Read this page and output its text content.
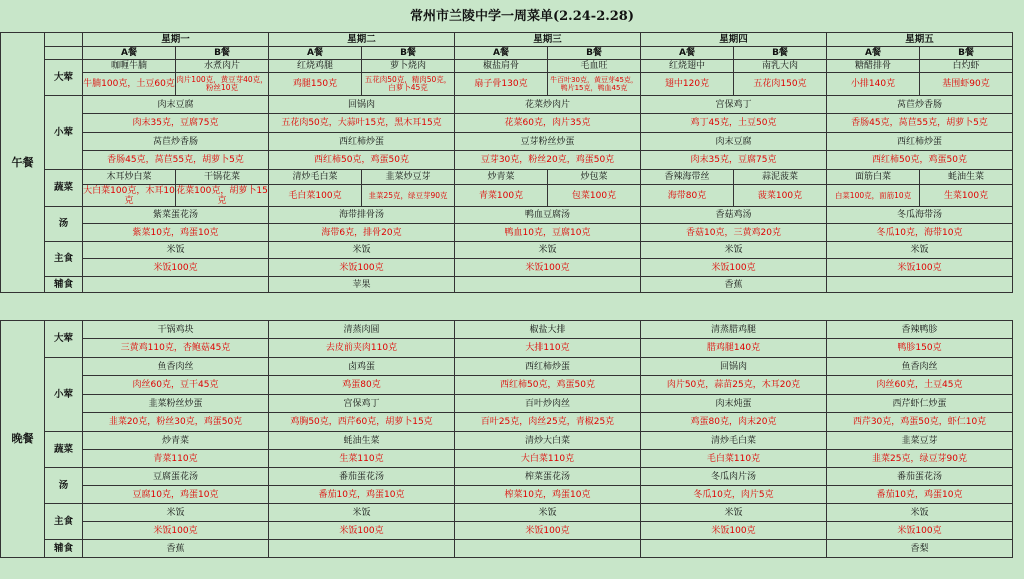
常州市兰陵中学一周菜单(2.24-2.28)
午餐		星期一		星期二		星期三		星期四		星期五	
		A餐	B餐	A餐	B餐	A餐	B餐	A餐	B餐	A餐	B餐
	大荤	咖喱牛腩	水煮肉片	红烧鸡腿	萝卜烧肉	椒盐肩骨	毛血旺	红烧翅中	南乳大肉	糖醋排骨	白灼虾
		牛腩100克，土豆60克	肉片100克，黄豆芽40克，粉丝10克	鸡腿150克	五花肉50克，精肉50克，白萝卜45克	扇子骨130克	牛百叶30克，黄豆芽45克，鸭片15克，鸭血45克	翅中120克	五花肉150克	小排140克	基围虾90克
	小荤	肉末豆腐		回锅肉		花菜炒肉片		宫保鸡丁		莴苣炒香肠	
		肉末35克，豆腐75克		五花肉50克，大蒜叶15克，黑木耳15克		花菜60克，肉片35克		鸡丁45克，土豆50克		香肠45克，莴苣55克，胡萝卜5克	
		莴苣炒香肠		西红柿炒蛋		豆芽粉丝炒蛋		肉末豆腐		西红柿炒蛋	
		香肠45克，莴苣55克，胡萝卜5克		西红柿50克，鸡蛋50克		豆芽30克，粉丝20克，鸡蛋50克		肉末35克，豆腐75克		西红柿50克，鸡蛋50克	
	蔬菜	木耳炒白菜	干锅花菜	清炒毛白菜	韭菜炒豆芽	炒青菜	炒包菜	香辣海带丝	蒜泥菠菜	面筋白菜	蚝油生菜
		大白菜100克，木耳10克	花菜100克，胡萝卜15克	毛白菜100克	韭菜25克，绿豆芽90克	青菜100克	包菜100克	海带80克	菠菜100克	白菜100克，面筋10克	生菜100克
	汤	紫菜蛋花汤		海带排骨汤		鸭血豆腐汤		香菇鸡汤		冬瓜海带汤	
		紫菜10克，鸡蛋10克		海带6克，排骨20克		鸭血10克，豆腐10克		香菇10克，三黄鸡20克		冬瓜10克，海带10克	
	主食	米饭		米饭		米饭		米饭		米饭	
		米饭100克		米饭100克		米饭100克		米饭100克		米饭100克	
	辅食			苹果				香蕉			
晚餐	大荤	干锅鸡块	清蒸肉圆	椒盐大排	清蒸腊鸡腿	香辣鸭胗
		三黄鸡110克，杏鲍菇45克	去皮前夹肉110克	大排110克	腊鸡腿140克	鸭胗150克
	小荤	鱼香肉丝	卤鸡蛋	西红柿炒蛋	回锅肉	鱼香肉丝
		肉丝60克，豆干45克	鸡蛋80克	西红柿50克，鸡蛋50克	肉片50克，蒜苗25克，木耳20克	肉丝60克，土豆45克
		韭菜粉丝炒蛋	宫保鸡丁	百叶炒肉丝	肉末炖蛋	西芹虾仁炒蛋
		韭菜20克，粉丝30克，鸡蛋50克	鸡胸50克，西芹60克，胡萝卜15克	百叶25克，肉丝25克，青椒25克	鸡蛋80克，肉末20克	西芹30克，鸡蛋50克，虾仁10克
	蔬菜	炒青菜	蚝油生菜	清炒大白菜	清炒毛白菜	韭菜豆芽
		青菜110克	生菜110克	大白菜110克	毛白菜110克	韭菜25克，绿豆芽90克
	汤	豆腐蛋花汤	番茄蛋花汤	榨菜蛋花汤	冬瓜肉片汤	番茄蛋花汤
		豆腐10克，鸡蛋10克	番茄10克，鸡蛋10克	榨菜10克，鸡蛋10克	冬瓜10克，肉片5克	番茄10克，鸡蛋10克
	主食	米饭	米饭	米饭	米饭	米饭
		米饭100克	米饭100克	米饭100克	米饭100克	米饭100克
	辅食	香蕉				香梨
